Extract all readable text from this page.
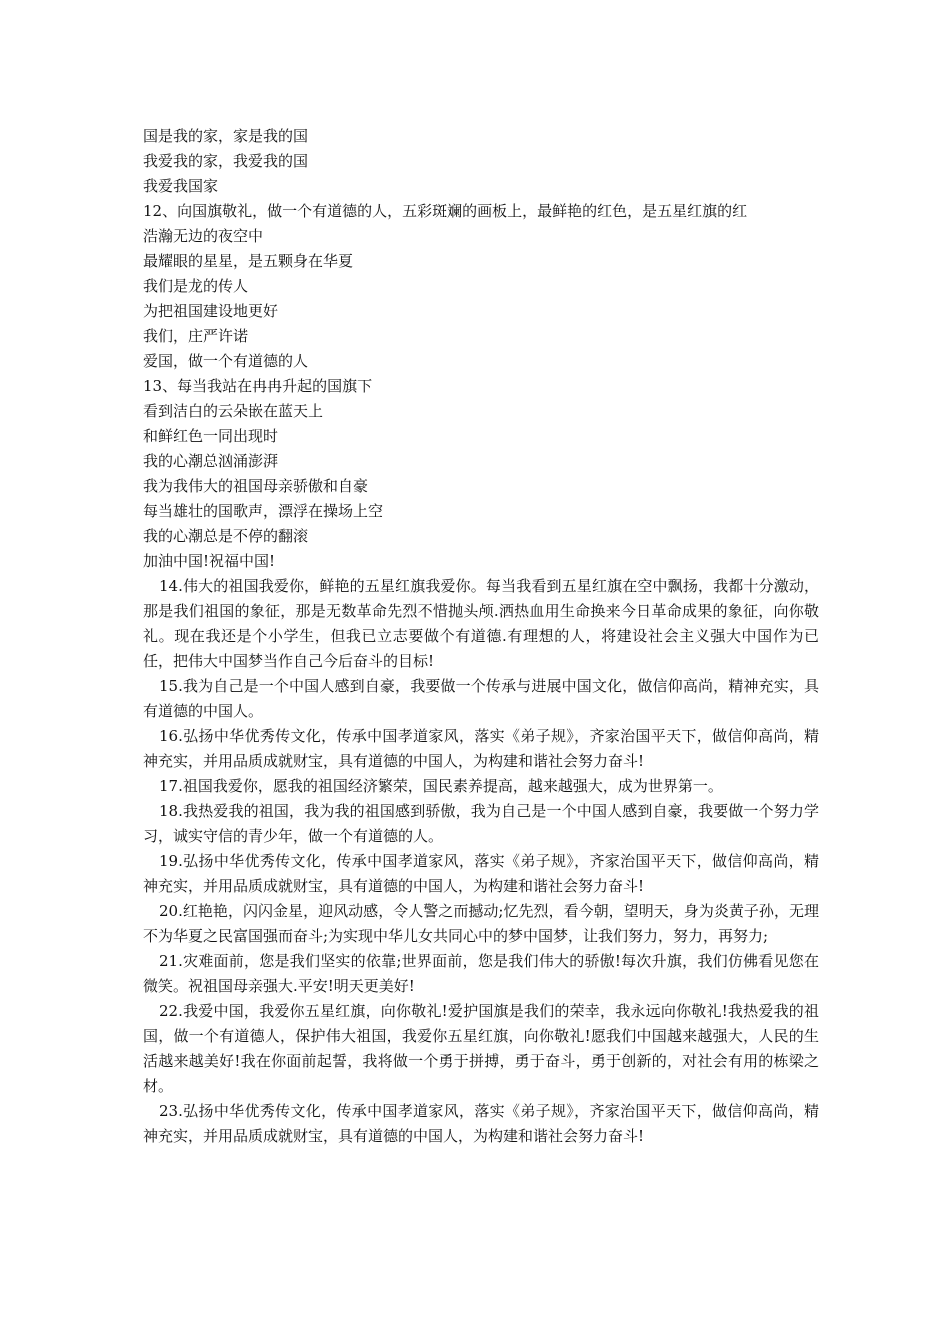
国是我的家，家是我的国

我爱我的家，我爱我的国

我爱我国家

12、向国旗敬礼，做一个有道德的人，五彩斑斓的画板上，最鲜艳的红色，是五星红旗的红

浩瀚无边的夜空中

最耀眼的星星，是五颗身在华夏

我们是龙的传人

为把祖国建设地更好

我们，庄严许诺

爱国，做一个有道德的人

13、每当我站在冉冉升起的国旗下

看到洁白的云朵嵌在蓝天上

和鲜红色一同出现时

我的心潮总汹涌澎湃

我为我伟大的祖国母亲骄傲和自豪

每当雄壮的国歌声，漂浮在操场上空

我的心潮总是不停的翻滚

加油中国!祝福中国!

14.伟大的祖国我爱你，鲜艳的五星红旗我爱你。每当我看到五星红旗在空中飘扬，我都十分激动，那是我们祖国的象征，那是无数革命先烈不惜抛头颅.洒热血用生命换来今日革命成果的象征，向你敬礼。现在我还是个小学生，但我已立志要做个有道德.有理想的人，将建设社会主义强大中国作为已任，把伟大中国梦当作自己今后奋斗的目标!

15.我为自己是一个中国人感到自豪，我要做一个传承与进展中国文化，做信仰高尚，精神充实，具有道德的中国人。

16.弘扬中华优秀传文化，传承中国孝道家风，落实《弟子规》，齐家治国平天下，做信仰高尚，精神充实，并用品质成就财宝，具有道德的中国人，为构建和谐社会努力奋斗!

17.祖国我爱你，愿我的祖国经济繁荣，国民素养提高，越来越强大，成为世界第一。

18.我热爱我的祖国，我为我的祖国感到骄傲，我为自己是一个中国人感到自豪，我要做一个努力学习，诚实守信的青少年，做一个有道德的人。

19.弘扬中华优秀传文化，传承中国孝道家风，落实《弟子规》，齐家治国平天下，做信仰高尚，精神充实，并用品质成就财宝，具有道德的中国人，为构建和谐社会努力奋斗!

20.红艳艳，闪闪金星，迎风动感，令人警之而撼动;忆先烈，看今朝，望明天，身为炎黄子孙，无理不为华夏之民富国强而奋斗;为实现中华儿女共同心中的梦中国梦，让我们努力，努力，再努力;

21.灾难面前，您是我们坚实的依靠;世界面前，您是我们伟大的骄傲!每次升旗，我们仿佛看见您在微笑。祝祖国母亲强大.平安!明天更美好!

22.我爱中国，我爱你五星红旗，向你敬礼!爱护国旗是我们的荣幸，我永远向你敬礼!我热爱我的祖国，做一个有道德人，保护伟大祖国，我爱你五星红旗，向你敬礼!愿我们中国越来越强大，人民的生活越来越美好!我在你面前起誓，我将做一个勇于拼搏，勇于奋斗，勇于创新的，对社会有用的栋梁之材。

23.弘扬中华优秀传文化，传承中国孝道家风，落实《弟子规》，齐家治国平天下，做信仰高尚，精神充实，并用品质成就财宝，具有道德的中国人，为构建和谐社会努力奋斗!
